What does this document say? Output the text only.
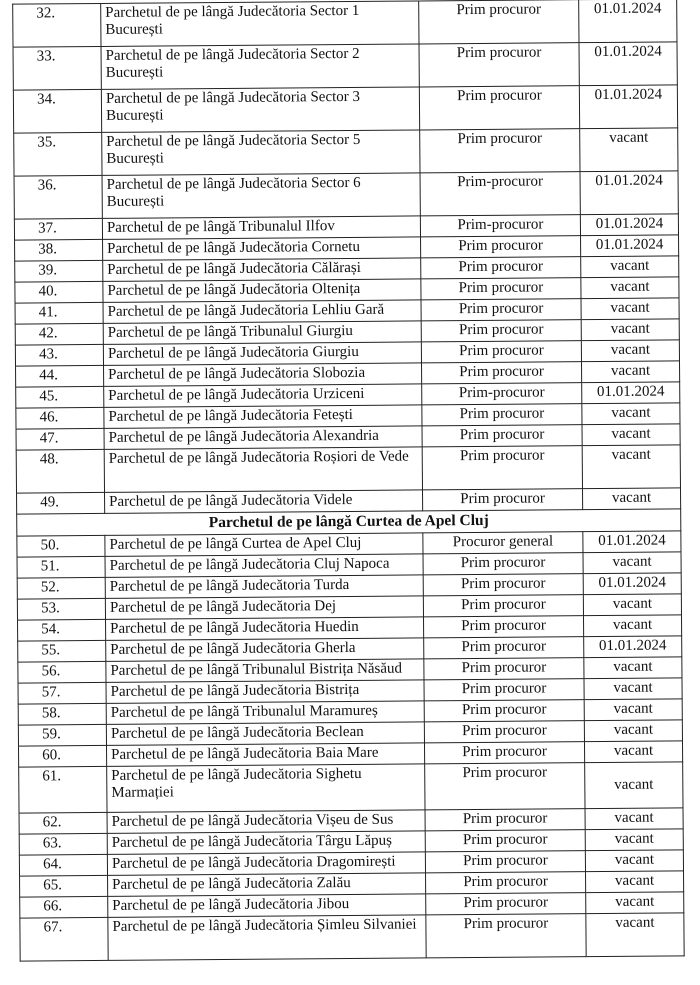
32.	Parchetul de pe lângă Judecătoria Sector 1 București	Prim procuror	01.01.2024
33.	Parchetul de pe lângă Judecătoria Sector 2 București	Prim procuror	01.01.2024
34.	Parchetul de pe lângă Judecătoria Sector 3 București	Prim procuror	01.01.2024
35.	Parchetul de pe lângă Judecătoria Sector 5 București	Prim procuror	vacant
36.	Parchetul de pe lângă Judecătoria Sector 6 București	Prim-procuror	01.01.2024
37.	Parchetul de pe lângă Tribunalul Ilfov	Prim-procuror	01.01.2024
38.	Parchetul de pe lângă Judecătoria Cornetu	Prim procuror	01.01.2024
39.	Parchetul de pe lângă Judecătoria Călărași	Prim procuror	vacant
40.	Parchetul de pe lângă Judecătoria Oltenița	Prim procuror	vacant
41.	Parchetul de pe lângă Judecătoria Lehliu Gară	Prim procuror	vacant
42.	Parchetul de pe lângă Tribunalul Giurgiu	Prim procuror	vacant
43.	Parchetul de pe lângă Judecătoria Giurgiu	Prim procuror	vacant
44.	Parchetul de pe lângă Judecătoria Slobozia	Prim procuror	vacant
45.	Parchetul de pe lângă Judecătoria Urziceni	Prim-procuror	01.01.2024
46.	Parchetul de pe lângă Judecătoria Fetești	Prim procuror	vacant
47.	Parchetul de pe lângă Judecătoria Alexandria	Prim procuror	vacant
48.	Parchetul de pe lângă Judecătoria Roșiori de Vede	Prim procuror	vacant
49.	Parchetul de pe lângă Judecătoria Videle	Prim procuror	vacant
Parchetul de pe lângă Curtea de Apel Cluj			
50.	Parchetul de pe lângă Curtea de Apel Cluj	Procuror general	01.01.2024
51.	Parchetul de pe lângă Judecătoria Cluj Napoca	Prim procuror	vacant
52.	Parchetul de pe lângă Judecătoria Turda	Prim procuror	01.01.2024
53.	Parchetul de pe lângă Judecătoria Dej	Prim procuror	vacant
54.	Parchetul de pe lângă Judecătoria Huedin	Prim procuror	vacant
55.	Parchetul de pe lângă Judecătoria Gherla	Prim procuror	01.01.2024
56.	Parchetul de pe lângă Tribunalul Bistrița Năsăud	Prim procuror	vacant
57.	Parchetul de pe lângă Judecătoria Bistrița	Prim procuror	vacant
58.	Parchetul de pe lângă Tribunalul Maramureș	Prim procuror	vacant
59.	Parchetul de pe lângă Judecătoria Beclean	Prim procuror	vacant
60.	Parchetul de pe lângă Judecătoria Baia Mare	Prim procuror	vacant
61.	Parchetul de pe lângă Judecătoria Sighetu Marmației	Prim procuror	vacant
62.	Parchetul de pe lângă Judecătoria Vișeu de Sus	Prim procuror	vacant
63.	Parchetul de pe lângă Judecătoria Târgu Lăpuș	Prim procuror	vacant
64.	Parchetul de pe lângă Judecătoria Dragomirești	Prim procuror	vacant
65.	Parchetul de pe lângă Judecătoria Zalău	Prim procuror	vacant
66.	Parchetul de pe lângă Judecătoria Jibou	Prim procuror	vacant
67.	Parchetul de pe lângă Judecătoria Șimleu Silvaniei	Prim procuror	vacant
